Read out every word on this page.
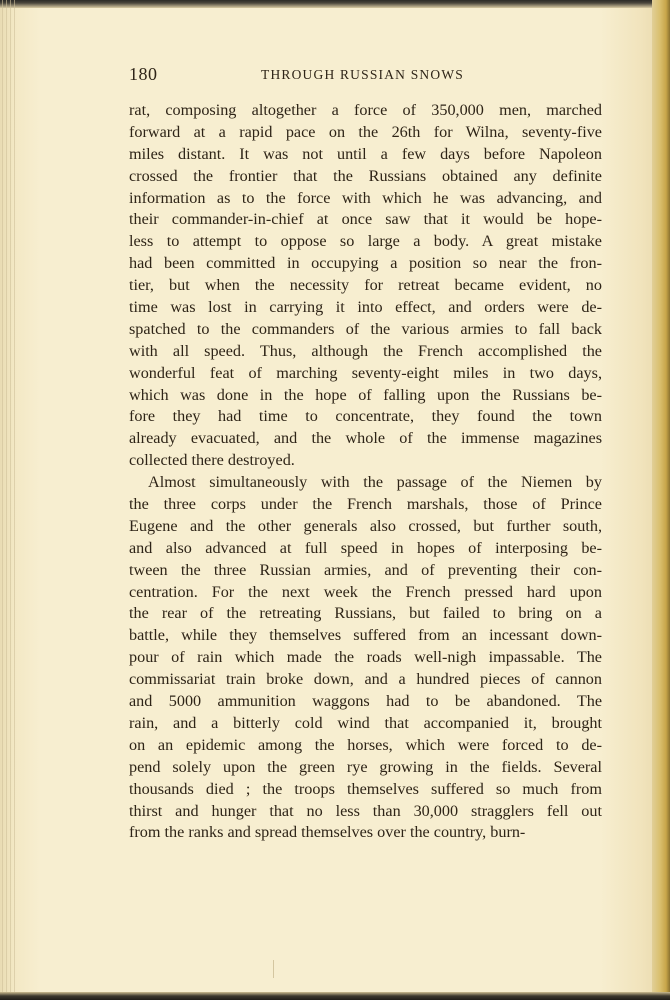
180	THROUGH RUSSIAN SNOWS
rat, composing altogether a force of 350,000 men, marched
forward at a rapid pace on the 26th for Wilna, seventy-five
miles distant. It was not until a few days before Napoleon
crossed the frontier that the Russians obtained any definite
information as to the force with which he was advancing, and
their commander-in-chief at once saw that it would be hope-
less to attempt to oppose so large a body. A great mistake
had been committed in occupying a position so near the fron-
tier, but when the necessity for retreat became evident, no
time was lost in carrying it into effect, and orders were de-
spatched to the commanders of the various armies to fall back
with all speed. Thus, although the French accomplished the
wonderful feat of marching seventy-eight miles in two days,
which was done in the hope of falling upon the Russians be-
fore they had time to concentrate, they found the town
already evacuated, and the whole of the immense magazines
collected there destroyed.
Almost simultaneously with the passage of the Niemen by
the three corps under the French marshals, those of Prince
Eugene and the other generals also crossed, but further south,
and also advanced at full speed in hopes of interposing be-
tween the three Russian armies, and of preventing their con-
centration. For the next week the French pressed hard upon
the rear of the retreating Russians, but failed to bring on a
battle, while they themselves suffered from an incessant down-
pour of rain which made the roads well-nigh impassable. The
commissariat train broke down, and a hundred pieces of cannon
and 5000 ammunition waggons had to be abandoned. The
rain, and a bitterly cold wind that accompanied it, brought
on an epidemic among the horses, which were forced to de-
pend solely upon the green rye growing in the fields. Several
thousands died ; the troops themselves suffered so much from
thirst and hunger that no less than 30,000 stragglers fell out
from the ranks and spread themselves over the country, burn-
